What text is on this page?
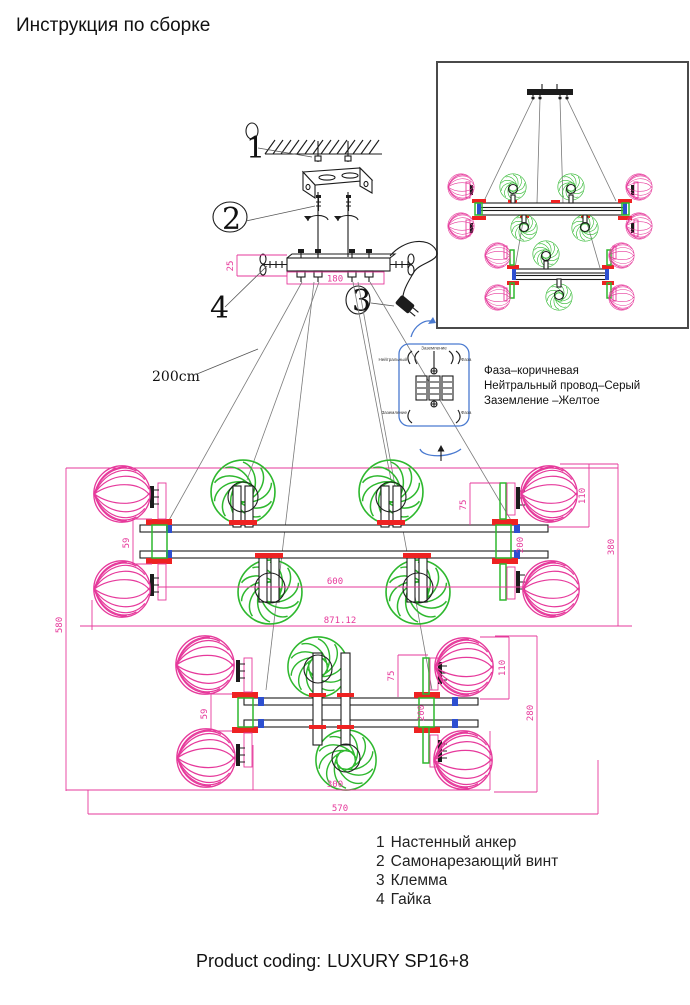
Инструкция по сборке
1
2
25
180
4	3
200cm
Заземление
Нейтральный	Фаза
Заземление	Фаза
Фаза–коричневая
Нейтральный провод–Серый
Заземление –Желтое
59
580
600
871.12
75
110
200	380
59
75	110
200	280
300
570
1 Настенный анкер
2 Самонарезающий винт
3 Клемма
4 Гайка
Product coding: LUXURY SP16+8
